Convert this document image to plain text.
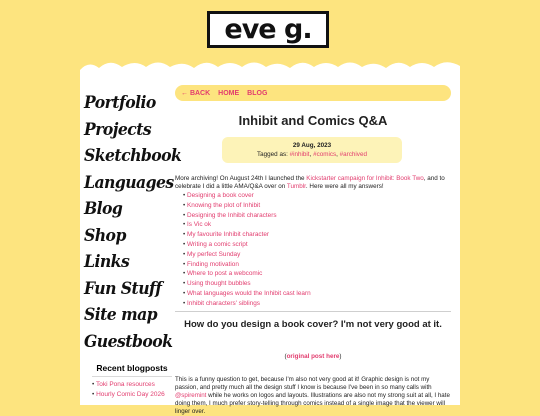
eve g.
Portfolio
Projects
Sketchbook
Languages
Blog
Shop
Links
Fun Stuff
Site map
Guestbook
Recent blogposts
• Toki Pona resources
• Hourly Comic Day 2026
← BACK HOME BLOG
Inhibit and Comics Q&A
29 Aug, 2023
Tagged as: #inhibit, #comics, #archived

More archiving! On August 24th I launched the Kickstarter campaign for Inhibit: Book Two, and to celebrate I did a little AMA/Q&A over on Tumblr. Here were all my answers!

• Designing a book cover
• Knowing the plot of Inhibit
• Designing the Inhibit characters
• Is Vic ok
• My favourite Inhibit character
• Writing a comic script
• My perfect Sunday
• Finding motivation
• Where to post a webcomic
• Using thought bubbles
• What languages would the Inhibit cast learn
• Inhibit characters' siblings
How do you design a book cover? I'm not very good at it.
(original post here)

This is a funny question to get, because I'm also not very good at it! Graphic design is not my passion, and pretty much all the design stuff I know is because I've been in so many calls with @spiremint while he works on logos and layouts. Illustrations are also not my strong suit at all, I hate doing them, I much prefer story-telling through comics instead of a single image that the viewer will linger over.
